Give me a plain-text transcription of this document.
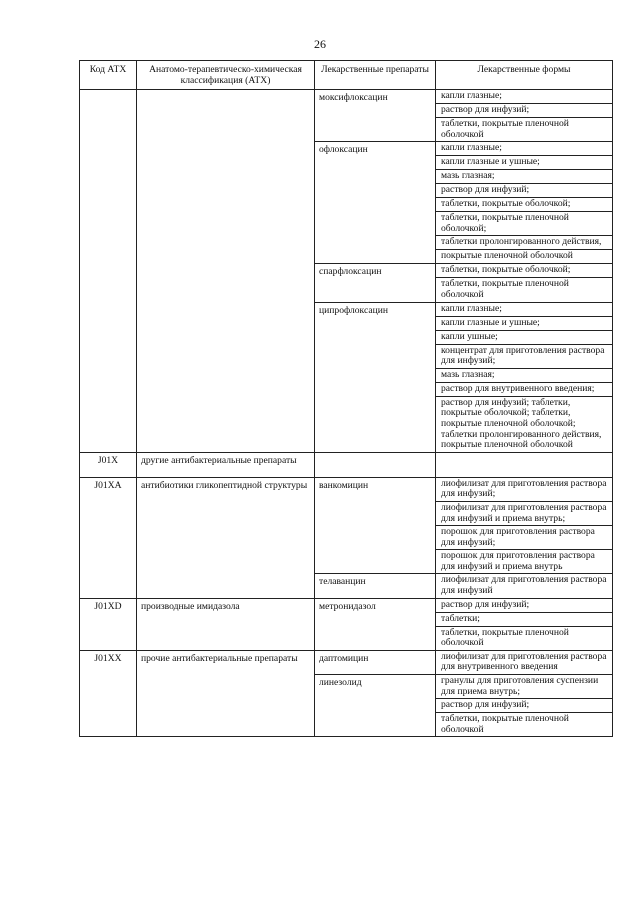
26
Код АТХ	Анатомо-терапевтическо-химическая классификация (АТХ)	Лекарственные препараты	Лекарственные формы
		моксифлоксацин	капли глазные;
			раствор для инфузий;
			таблетки, покрытые пленочной оболочкой
		офлоксацин	капли глазные;
			капли глазные и ушные;
			мазь глазная;
			раствор для инфузий;
			таблетки, покрытые оболочкой;
			таблетки, покрытые пленочной оболочкой;
			таблетки пролонгированного действия,
			покрытые пленочной оболочкой
		спарфлоксацин	таблетки, покрытые оболочкой;
			таблетки, покрытые пленочной оболочкой
		ципрофлоксацин	капли глазные;
			капли глазные и ушные;
			капли ушные;
			концентрат для приготовления раствора для инфузий;
			мазь глазная;
			раствор для внутривенного введения;
			раствор для инфузий; таблетки, покрытые оболочкой; таблетки, покрытые пленочной оболочкой; таблетки пролонгированного действия, покрытые пленочной оболочкой
J01X	другие антибактериальные препараты		
J01XA	антибиотики гликопептидной структуры	ванкомицин	лиофилизат для приготовления раствора для инфузий;
			лиофилизат для приготовления раствора для инфузий и приема внутрь;
			порошок для приготовления раствора для инфузий;
			порошок для приготовления раствора для инфузий и приема внутрь
		телаванцин	лиофилизат для приготовления раствора для инфузий
J01XD	производные имидазола	метронидазол	раствор для инфузий;
			таблетки;
			таблетки, покрытые пленочной оболочкой
J01XX	прочие антибактериальные препараты	даптомицин	лиофилизат для приготовления раствора для внутривенного введения
		линезолид	гранулы для приготовления суспензии для приема внутрь;
			раствор для инфузий;
			таблетки, покрытые пленочной оболочкой
